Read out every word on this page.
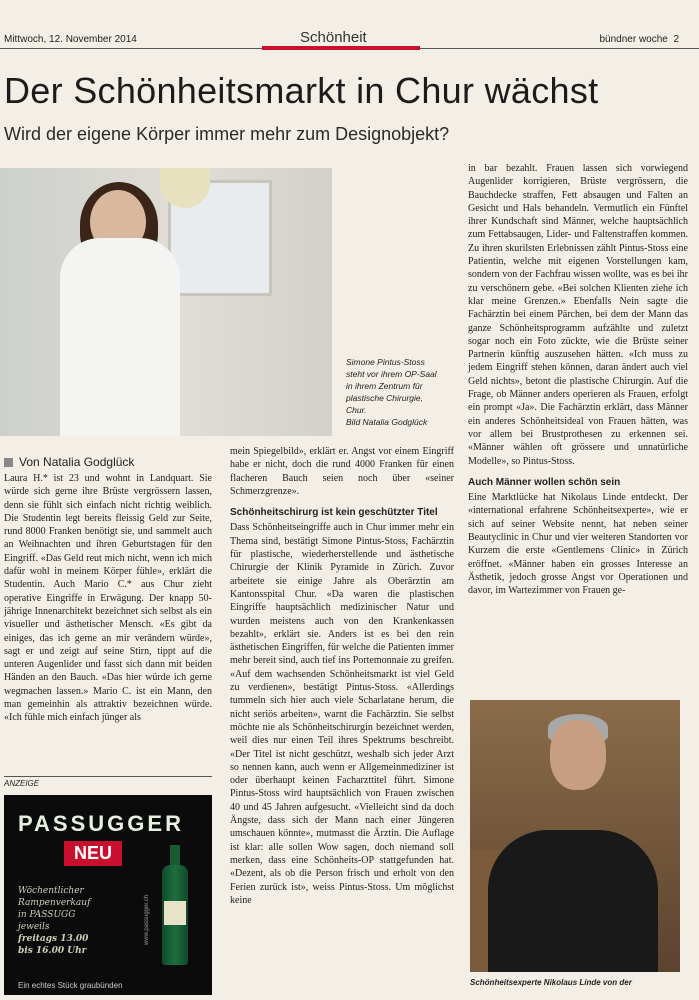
Mittwoch, 12. November 2014	Schönheit	bündner woche 2
Der Schönheitsmarkt in Chur wächst
Wird der eigene Körper immer mehr zum Designobjekt?
Simone Pintus-Stoss
steht vor ihrem OP-Saal
in ihrem Zentrum für
plastische Chirurgie,
Chur.
Bild Natalia Godglück
Von Natalia Godglück

Laura H.* ist 23 und wohnt in Landquart. Sie würde sich gerne ihre Brüste vergrössern lassen, denn sie fühlt sich einfach nicht richtig weiblich. Die Studentin legt bereits fleissig Geld zur Seite, rund 8000 Franken benötigt sie, und sammelt auch an Weihnachten und ihren Geburtstagen für den Eingriff. «Das Geld reut mich nicht, wenn ich mich dafür wohl in meinem Körper fühle», erklärt die Studentin. Auch Mario C.* aus Chur zieht operative Eingriffe in Erwägung. Der knapp 50-jährige Innenarchitekt bezeichnet sich selbst als ein visueller und ästhetischer Mensch. «Es gibt da einiges, das ich gerne an mir verändern würde», sagt er und zeigt auf seine Stirn, tippt auf die unteren Augenlider und fasst sich dann mit beiden Händen an den Bauch. «Das hier würde ich gerne wegmachen lassen.» Mario C. ist ein Mann, den man gemeinhin als attraktiv bezeichnen würde. «Ich fühle mich einfach jünger als

ANZEIGE
PASSUGGER
NEU
Wöchentlicher
Rampenverkauf
in PASSUGG
jeweils
freitags 13.00
bis 16.00 Uhr
www.passugger.ch
Ein echtes Stück graubünden

mein Spiegelbild», erklärt er. Angst vor einem Eingriff habe er nicht, doch die rund 4000 Franken für einen flacheren Bauch seien noch über «seiner Schmerzgrenze».

Schönheitschirurg ist kein geschützter Titel

Dass Schönheitseingriffe auch in Chur immer mehr ein Thema sind, bestätigt Simone Pintus-Stoss, Fachärztin für plastische, wiederherstellende und ästhetische Chirurgie der Klinik Pyramide in Zürich. Zuvor arbeitete sie einige Jahre als Oberärztin am Kantonsspital Chur. «Da waren die plastischen Eingriffe hauptsächlich medizinischer Natur und wurden meistens auch von den Krankenkassen bezahlt», erklärt sie. Anders ist es bei den rein ästhetischen Eingriffen, für welche die Patienten immer mehr bereit sind, auch tief ins Portemonnaie zu greifen. «Auf dem wachsenden Schönheitsmarkt ist viel Geld zu verdienen», bestätigt Pintus-Stoss. «Allerdings tummeln sich hier auch viele Scharlatane herum, die nicht seriös arbeiten», warnt die Fachärztin. Sie selbst möchte nie als Schönheitschirurgin bezeichnet werden, weil dies nur einen Teil ihres Spektrums beschreibt. «Der Titel ist nicht geschützt, weshalb sich jeder Arzt so nennen kann, auch wenn er Allgemeinmediziner ist oder überhaupt keinen Facharzttitel führt. Simone Pintus-Stoss wird hauptsächlich von Frauen zwischen 40 und 45 Jahren aufgesucht. «Vielleicht sind da doch Ängste, dass sich der Mann nach einer Jüngeren umschauen könnte», mutmasst die Ärztin. Die Auflage ist klar: alle sollen Wow sagen, doch niemand soll merken, dass eine Schönheits-OP stattgefunden hat. «Dezent, als ob die Person frisch und erholt von den Ferien zurück ist», weiss Pintus-Stoss. Um möglichst keine

in bar bezahlt. Frauen lassen sich vorwiegend Augenlider korrigieren, Brüste vergrössern, die Bauchdecke straffen, Fett absaugen und Falten an Gesicht und Hals behandeln. Vermutlich ein Fünftel ihrer Kundschaft sind Männer, welche hauptsächlich zum Fettabsaugen, Lider- und Faltenstraffen kommen. Zu ihren skurilsten Erlebnissen zählt Pintus-Stoss eine Patientin, welche mit eigenen Vorstellungen kam, sondern von der Fachfrau wissen wollte, was es bei ihr zu verschönern gebe. «Bei solchen Klienten ziehe ich klar meine Grenzen.» Ebenfalls Nein sagte die Fachärztin bei einem Pärchen, bei dem der Mann das ganze Schönheitsprogramm aufzählte und zuletzt sogar noch ein Foto zückte, wie die Brüste seiner Partnerin künftig auszusehen hätten. «Ich muss zu jedem Eingriff stehen können, daran ändert auch viel Geld nichts», betont die plastische Chirurgin. Auf die Frage, ob Männer anders operieren als Frauen, erfolgt ein prompt «Ja». Die Fachärztin erklärt, dass Männer ein anderes Schönheitsideal von Frauen hätten, was vor allem bei Brustprothesen zu erkennen sei. «Männer wählen oft grössere und unnatürliche Modelle», so Pintus-Stoss.

Auch Männer wollen schön sein

Eine Marktlücke hat Nikolaus Linde entdeckt. Der «international erfahrene Schönheitsexperte», wie er sich auf seiner Website nennt, hat neben seiner Beautyclinic in Chur und vier weiteren Standorten vor Kurzem die erste «Gentlemens Clinic» in Zürich eröffnet. «Männer haben ein grosses Interesse an Ästhetik, jedoch grosse Angst vor Operationen und davor, im Wartezimmer von Frauen ge-

Schönheitsexperte Nikolaus Linde von der
